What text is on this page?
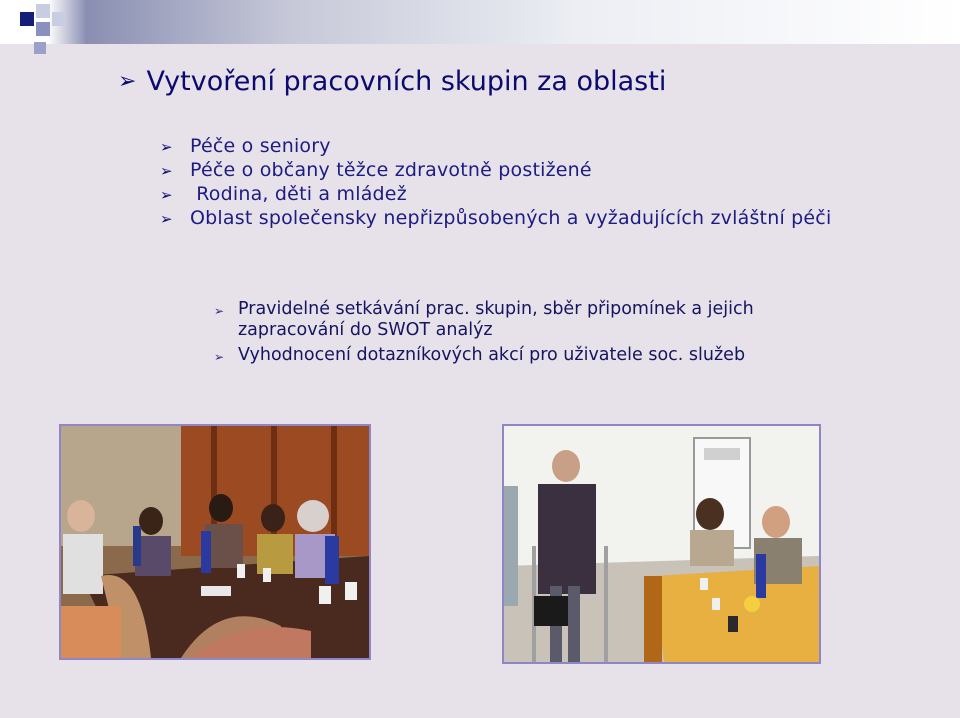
➢ Vytvoření pracovních skupin za oblasti
➢ Péče o seniory
➢ Péče o občany těžce zdravotně postižené
➢ Rodina, děti a mládež
➢ Oblast společensky nepřizpůsobených a vyžadujících zvláštní péči
➢ Pravidelné setkávání prac. skupin, sběr připomínek a jejich zapracování do SWOT analýz
➢ Vyhodnocení dotazníkových akcí pro uživatele soc. služeb
